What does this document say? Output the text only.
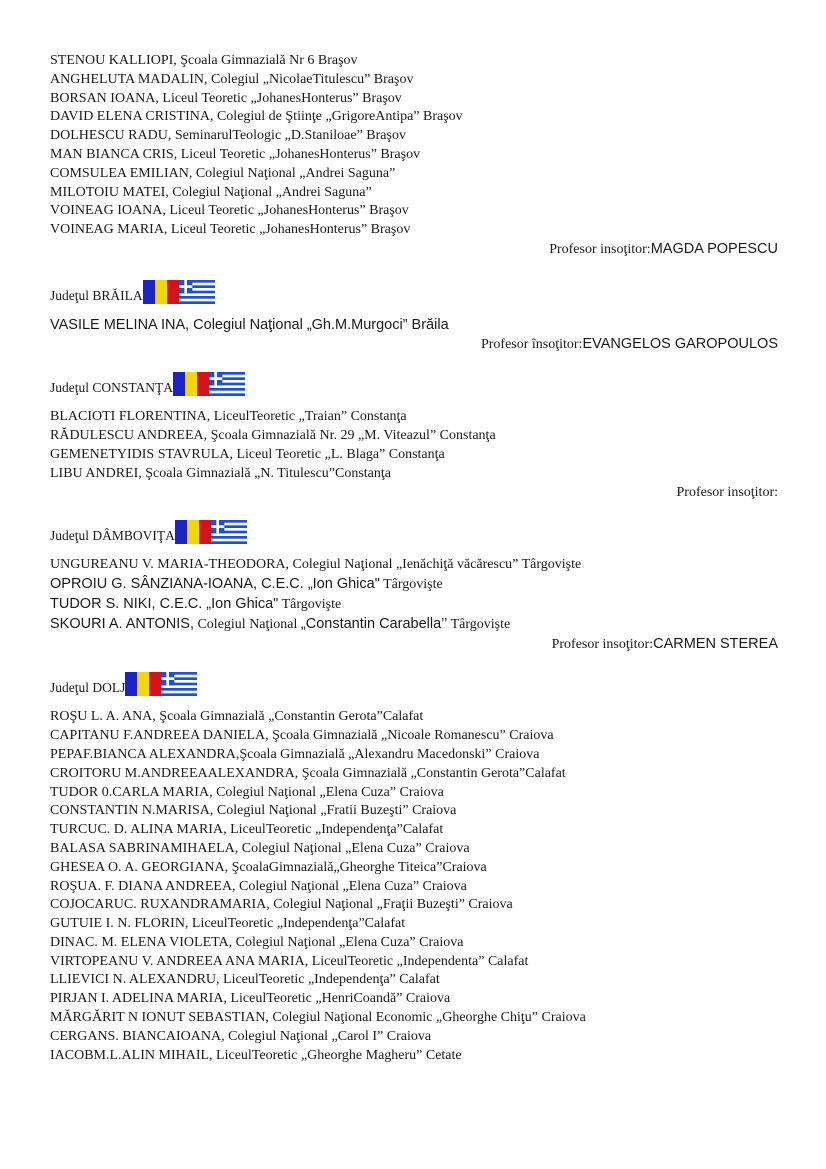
STENOU KALLIOPI, Şcoala Gimnazială Nr 6 Braşov
ANGHELUTA MADALIN, Colegiul „NicolaeTitulescu” Braşov
BORSAN IOANA, Liceul Teoretic „JohanesHonterus” Braşov
DAVID ELENA CRISTINA, Colegiul de Ştiinţe „GrigoreAntipa” Braşov
DOLHESCU RADU, SeminarulTeologic „D.Staniloae” Braşov
MAN BIANCA CRIS, Liceul Teoretic „JohanesHonterus” Braşov
COMSULEA EMILIAN, Colegiul Naţional „Andrei Saguna”
MILOTOIU MATEI, Colegiul Naţional „Andrei Saguna”
VOINEAG IOANA, Liceul Teoretic „JohanesHonterus” Braşov
VOINEAG MARIA, Liceul Teoretic „JohanesHonterus” Braşov
Profesor insoţitor:MAGDA POPESCU
Judeţul BRĂILA
VASILE MELINA INA, Colegiul Naţional „Gh.M.Murgoci” Brăila
Profesor însoţitor:EVANGELOS GAROPOULOS
Judeţul CONSTANŢA
BLACIOTI FLORENTINA, LiceulTeoretic „Traian” Constanţa
RĂDULESCU ANDREEA, Şcoala Gimnazială Nr. 29 „M. Viteazul” Constanţa
GEMENETYIDIS STAVRULA, Liceul Teoretic „L. Blaga” Constanţa
LIBU ANDREI, Şcoala Gimnazială „N. Titulescu”Constanţa
Profesor insoţitor:
Judeţul DÂMBOVIŢA
UNGUREANU V. MARIA-THEODORA, Colegiul Naţional „Ienăchiţă văcărescu” Târgovişte
OPROIU G. SÂNZIANA-IOANA, C.E.C. „Ion Ghica" Târgovişte
TUDOR S. NIKI, C.E.C. „Ion Ghica" Târgovişte
SKOURI A. ANTONIS, Colegiul Naţional „Constantin Carabella’’ Târgovişte
Profesor insoţitor:CARMEN STEREA
Judeţul DOLJ
ROŞU L. A. ANA, Şcoala Gimnazială „Constantin Gerota”Calafat
CAPITANU F.ANDREEA DANIELA, Şcoala Gimnazială „Nicoale Romanescu” Craiova
PEPAF.BIANCA ALEXANDRA,Şcoala Gimnazială „Alexandru Macedonski” Craiova
CROITORU M.ANDREEAALEXANDRA, Şcoala Gimnazială „Constantin Gerota”Calafat
TUDOR 0.CARLA MARIA, Colegiul Naţional „Elena Cuza” Craiova
CONSTANTIN N.MARISA, Colegiul Naţional „Fratii Buzeşti” Craiova
TURCUC. D. ALINA MARIA, LiceulTeoretic „Independenţa”Calafat
BALASA SABRINAMIHAELA, Colegiul Naţional „Elena Cuza” Craiova
GHESEA O. A. GEORGIANA, ŞcoalaGimnazială„Gheorghe Titeica”Craiova
ROŞUA. F. DIANA ANDREEA, Colegiul Naţional „Elena Cuza” Craiova
COJOCARUC. RUXANDRAMARIA, Colegiul Naţional „Fraţii Buzeşti” Craiova
GUTUIE I. N. FLORIN, LiceulTeoretic „Independenţa”Calafat
DINAC. M. ELENA VIOLETA, Colegiul Naţional „Elena Cuza” Craiova
VIRTOPEANU V. ANDREEA ANA MARIA, LiceulTeoretic „Independenta” Calafat
LLIEVICI N. ALEXANDRU, LiceulTeoretic „Independenţa” Calafat
PIRJAN I. ADELINA MARIA, LiceulTeoretic „HenriCoandă” Craiova
MĂRGĂRIT N IONUT SEBASTIAN, Colegiul Naţional Economic „Gheorghe Chiţu” Craiova
CERGANS. BIANCAIOANA, Colegiul Naţional „Carol I” Craiova
IACOBM.L.ALIN MIHAIL, LiceulTeoretic „Gheorghe Magheru” Cetate
